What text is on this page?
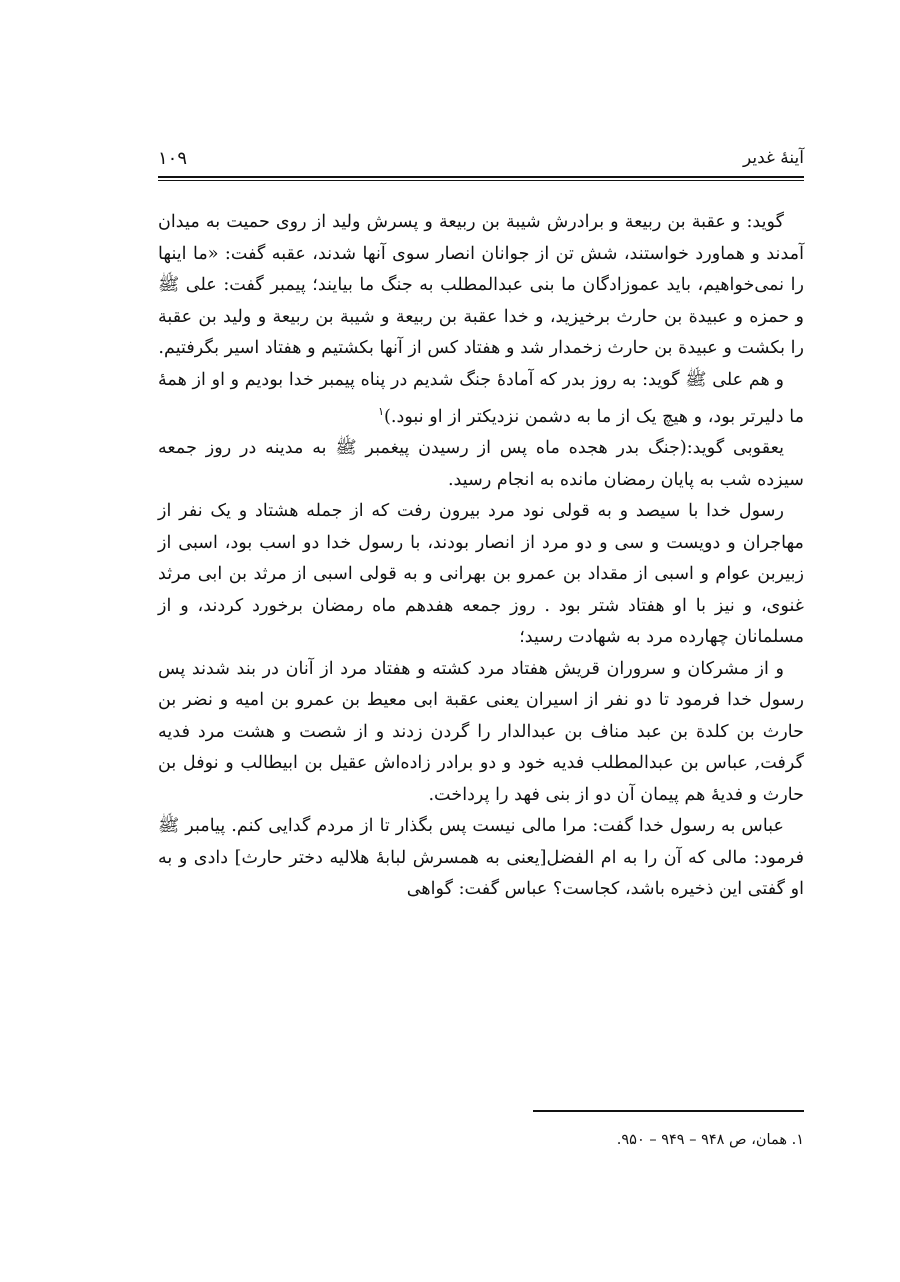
آینهٔ غدیر
۱۰۹

گوید: و عقبة بن ربیعة و برادرش شیبة بن ربیعة و پسرش ولید از روی حمیت به میدان آمدند و هماورد خواستند، شش تن از جوانان انصار سوی آنها شدند، عقبه گفت: «ما اینها را نمی‌خواهیم، باید عموزادگان ما بنی عبدالمطلب به جنگ ما بیایند؛ پیمبر گفت: علی ﷺ و حمزه و عبیدة بن حارث برخیزید، و خدا عقبة بن ربیعة و شیبة بن ربیعة و ولید بن عقبة را بکشت و عبیدة بن حارث زخمدار شد و هفتاد کس از آنها بکشتیم و هفتاد اسیر بگرفتیم.

و هم علی ﷺ گوید: به روز بدر که آمادهٔ جنگ شدیم در پناه پیمبر خدا بودیم و او از همهٔ ما دلیرتر بود، و هیچ یک از ما به دشمن نزدیکتر از او نبود.)$^۱$

یعقوبی گوید:(جنگ بدر هجده ماه پس از رسیدن پیغمبر ﷺ به مدینه در روز جمعه سیزده شب به پایان رمضان مانده به انجام رسید.

رسول خدا با سیصد و به قولی نود مرد بیرون رفت که از جمله هشتاد و یک نفر از مهاجران و دویست و سی و دو مرد از انصار بودند، با رسول خدا دو اسب بود، اسبی از زبیربن عوام و اسبی از مقداد بن عمرو بن بهرانی و به قولی اسبی از مرثد بن ابی مرثد غنوی، و نیز با او هفتاد شتر بود . روز جمعه هفدهم ماه رمضان برخورد کردند، و از مسلمانان چهارده مرد به شهادت رسید؛

و از مشرکان و سروران قریش هفتاد مرد کشته و هفتاد مرد از آنان در بند شدند پس رسول خدا فرمود تا دو نفر از اسیران یعنی عقبة ابی معیط بن عمرو بن امیه و نضر بن حارث بن کلدة بن عبد مناف بن عبدالدار را گردن زدند و از شصت و هشت مرد فدیه گرفت, عباس بن عبدالمطلب فدیه خود و دو برادر زاده‌اش عقیل بن ابیطالب و نوفل بن حارث و فدیهٔ هم پیمان آن دو از بنی فهد را پرداخت.

عباس به رسول خدا گفت: مرا مالی نیست پس بگذار تا از مردم گدایی کنم. پیامبر ﷺ فرمود: مالی که آن را به ام الفضل[یعنی به همسرش لبابهٔ هلالیه دختر حارث] دادی و به او گفتی این ذخیره باشد، کجاست؟ عباس گفت: گواهی

۱. همان، ص ۹۴۸ – ۹۴۹ – ۹۵۰.
